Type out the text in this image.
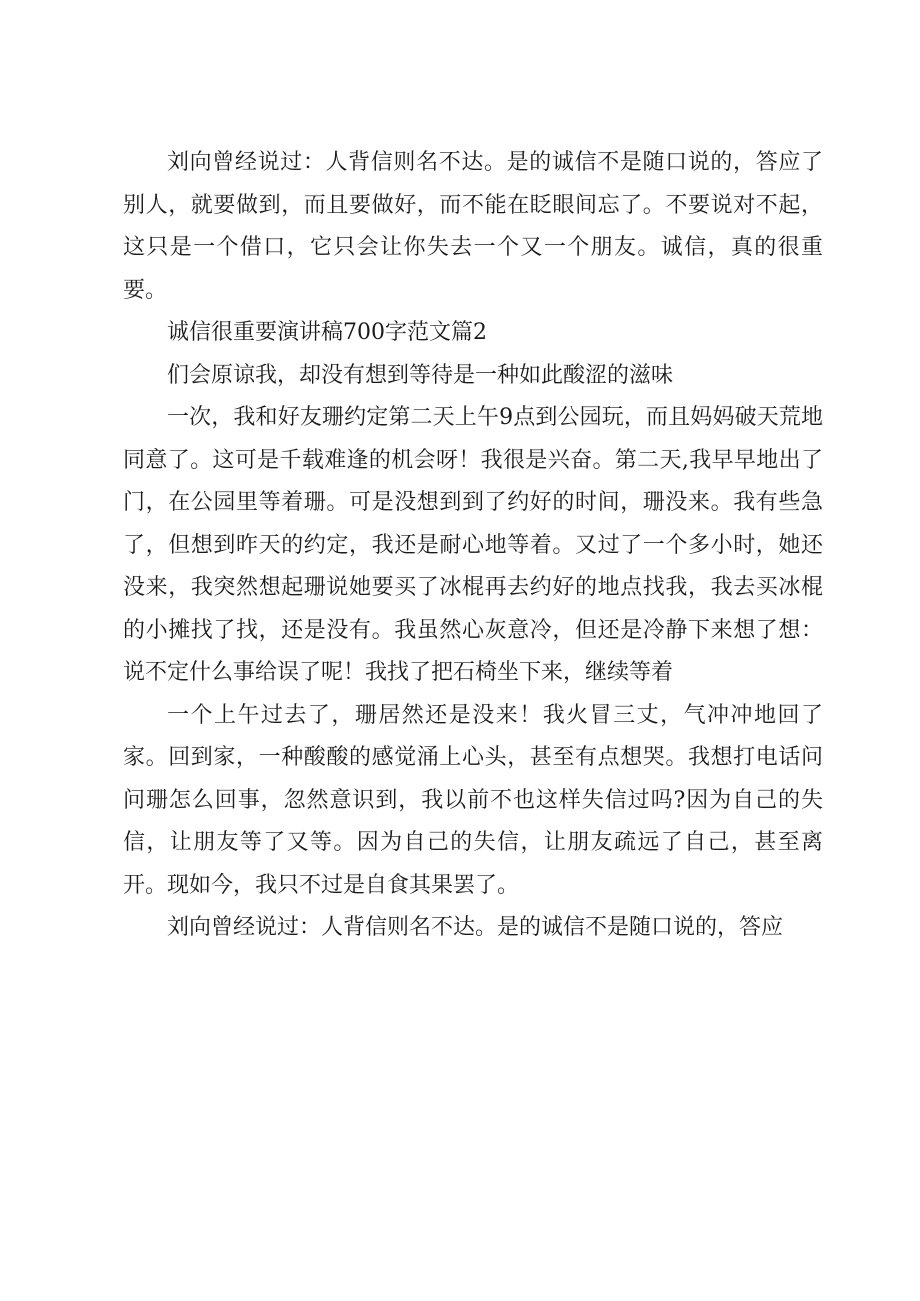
刘向曾经说过：人背信则名不达。是的诚信不是随口说的，答应了别人，就要做到，而且要做好，而不能在眨眼间忘了。不要说对不起，这只是一个借口，它只会让你失去一个又一个朋友。诚信，真的很重要。

诚信很重要演讲稿700字范文篇2

们会原谅我，却没有想到等待是一种如此酸涩的滋味

一次，我和好友珊约定第二天上午9点到公园玩，而且妈妈破天荒地同意了。这可是千载难逢的机会呀！我很是兴奋。第二天,我早早地出了门，在公园里等着珊。可是没想到到了约好的时间，珊没来。我有些急了，但想到昨天的约定，我还是耐心地等着。又过了一个多小时，她还没来，我突然想起珊说她要买了冰棍再去约好的地点找我，我去买冰棍的小摊找了找，还是没有。我虽然心灰意冷，但还是冷静下来想了想：说不定什么事给误了呢！我找了把石椅坐下来，继续等着

一个上午过去了，珊居然还是没来！我火冒三丈，气冲冲地回了家。回到家，一种酸酸的感觉涌上心头，甚至有点想哭。我想打电话问问珊怎么回事，忽然意识到，我以前不也这样失信过吗?因为自己的失信，让朋友等了又等。因为自己的失信，让朋友疏远了自己，甚至离开。现如今，我只不过是自食其果罢了。

刘向曾经说过：人背信则名不达。是的诚信不是随口说的，答应
